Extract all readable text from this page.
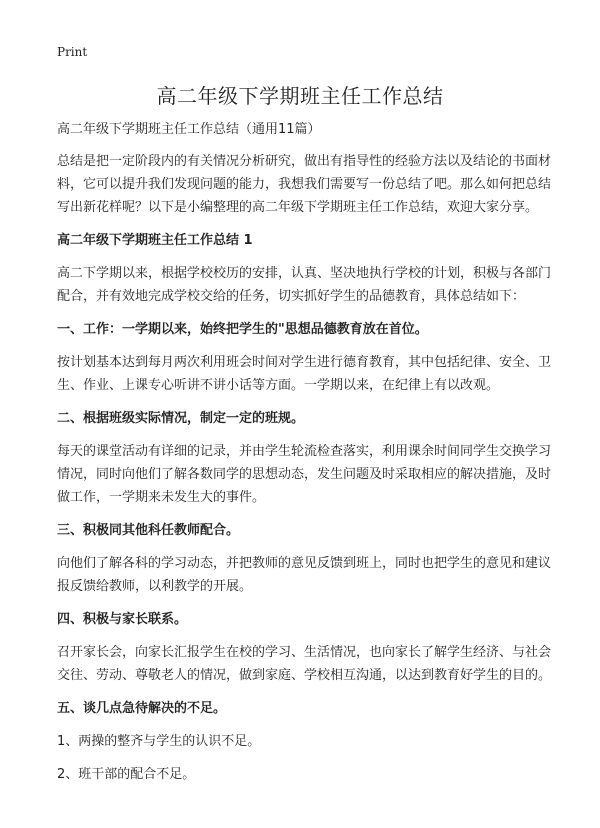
Print
高二年级下学期班主任工作总结

高二年级下学期班主任工作总结（通用11篇）

总结是把一定阶段内的有关情况分析研究，做出有指导性的经验方法以及结论的书面材料，它可以提升我们发现问题的能力，我想我们需要写一份总结了吧。那么如何把总结写出新花样呢？以下是小编整理的高二年级下学期班主任工作总结，欢迎大家分享。

高二年级下学期班主任工作总结 1

高二下学期以来，根据学校校历的安排，认真、坚决地执行学校的计划，积极与各部门配合，并有效地完成学校交给的任务，切实抓好学生的品德教育，具体总结如下：

一、工作：一学期以来，始终把学生的"思想品德教育放在首位。

按计划基本达到每月两次利用班会时间对学生进行德育教育，其中包括纪律、安全、卫生、作业、上课专心听讲不讲小话等方面。一学期以来，在纪律上有以改观。

二、根据班级实际情况，制定一定的班规。

每天的课堂活动有详细的记录，并由学生轮流检查落实，利用课余时间同学生交换学习情况，同时向他们了解各数同学的思想动态，发生问题及时采取相应的解决措施，及时做工作，一学期来未发生大的事件。

三、积极同其他科任教师配合。

向他们了解各科的学习动态，并把教师的意见反馈到班上，同时也把学生的意见和建议报反馈给教师，以利教学的开展。

四、积极与家长联系。

召开家长会，向家长汇报学生在校的学习、生活情况，也向家长了解学生经济、与社会交往、劳动、尊敬老人的情况，做到家庭、学校相互沟通，以达到教育好学生的目的。

五、谈几点急待解决的不足。

1、两操的整齐与学生的认识不足。

2、班干部的配合不足。
